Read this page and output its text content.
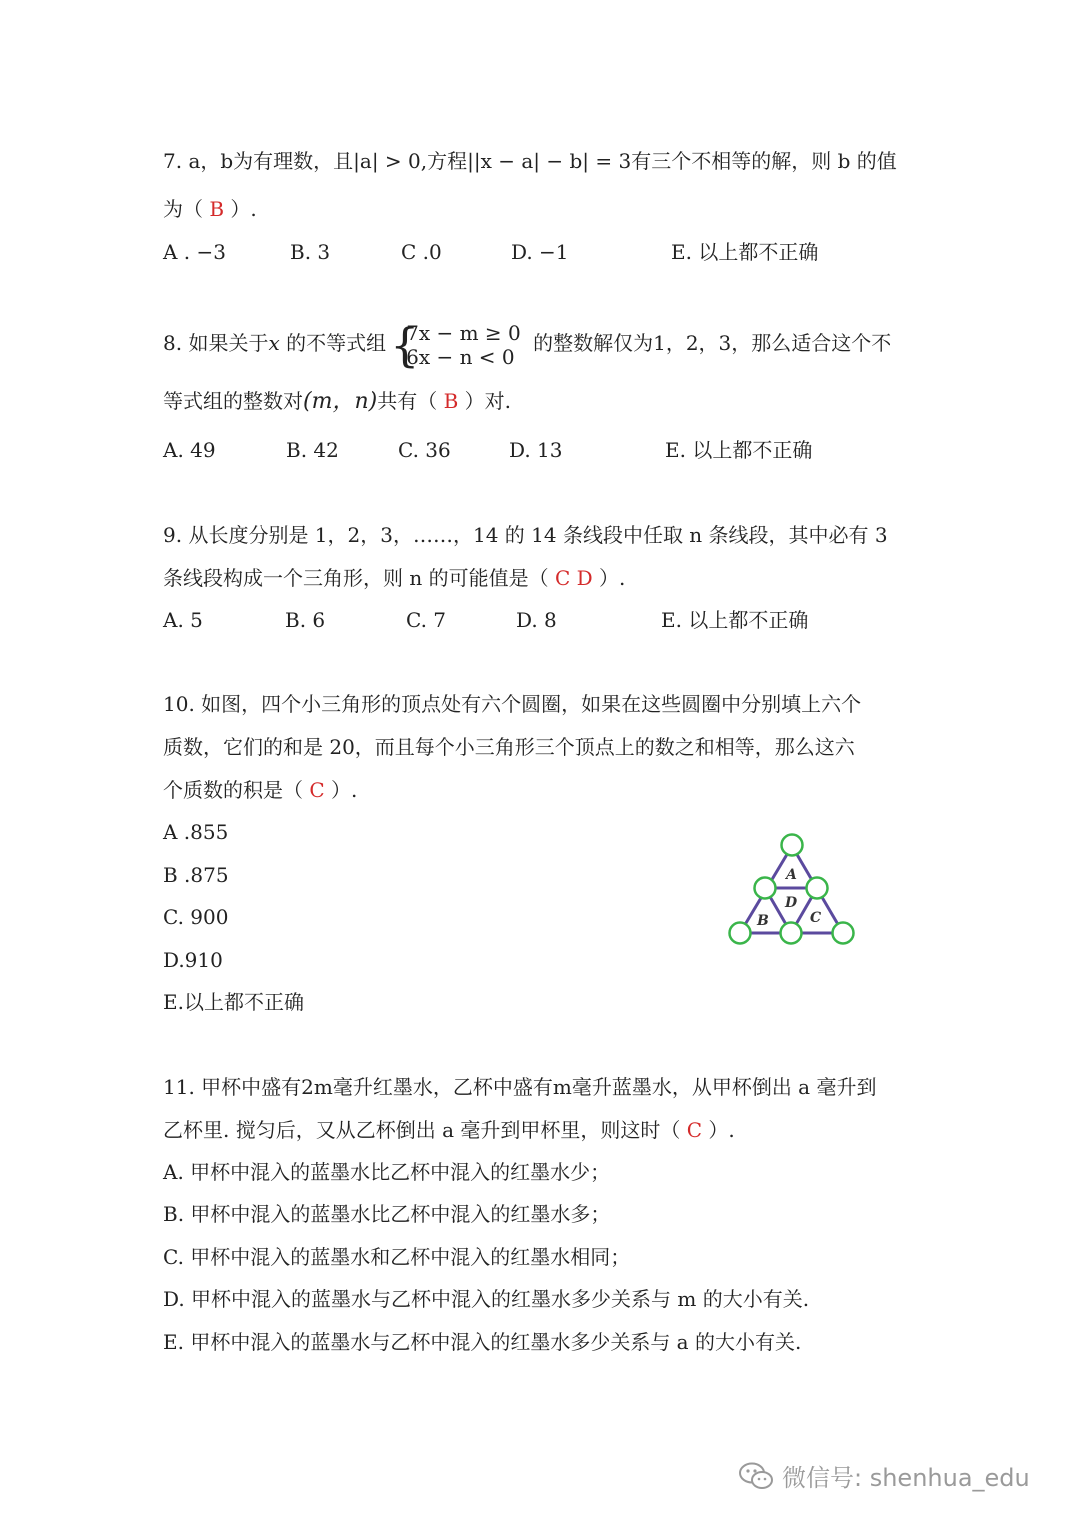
7. a，b为有理数，且|a| > 0,方程||x − a| − b| = 3有三个不相等的解，则 b 的值
为（ B ）.
A . −3	B. 3	C .0	D. −1	E. 以上都不正确
8. 如果关于x 的不等式组
{ 7x − m ≥ 0
6x − n < 0
的整数解仅为1，2，3，那么适合这个不
等式组的整数对(m，n)共有（ B ）对.
A. 49	B. 42	C. 36	D. 13	E. 以上都不正确
9. 从长度分别是 1，2，3，……，14 的 14 条线段中任取 n 条线段，其中必有 3
条线段构成一个三角形，则 n 的可能值是（ C D ）.
A. 5	B. 6	C. 7	D. 8	E. 以上都不正确
10. 如图，四个小三角形的顶点处有六个圆圈，如果在这些圆圈中分别填上六个
质数，它们的和是 20，而且每个小三角形三个顶点上的数之和相等，那么这六
个质数的积是（ C ）.
A .855
B .875
C. 900
D.910
E.以上都不正确
A
B	C
D
11. 甲杯中盛有2m毫升红墨水，乙杯中盛有m毫升蓝墨水，从甲杯倒出 a 毫升到
乙杯里. 搅匀后，又从乙杯倒出 a 毫升到甲杯里，则这时（ C ）.
A. 甲杯中混入的蓝墨水比乙杯中混入的红墨水少；
B. 甲杯中混入的蓝墨水比乙杯中混入的红墨水多；
C. 甲杯中混入的蓝墨水和乙杯中混入的红墨水相同；
D. 甲杯中混入的蓝墨水与乙杯中混入的红墨水多少关系与 m 的大小有关.
E. 甲杯中混入的蓝墨水与乙杯中混入的红墨水多少关系与 a 的大小有关.
微信号: shenhua_edu
